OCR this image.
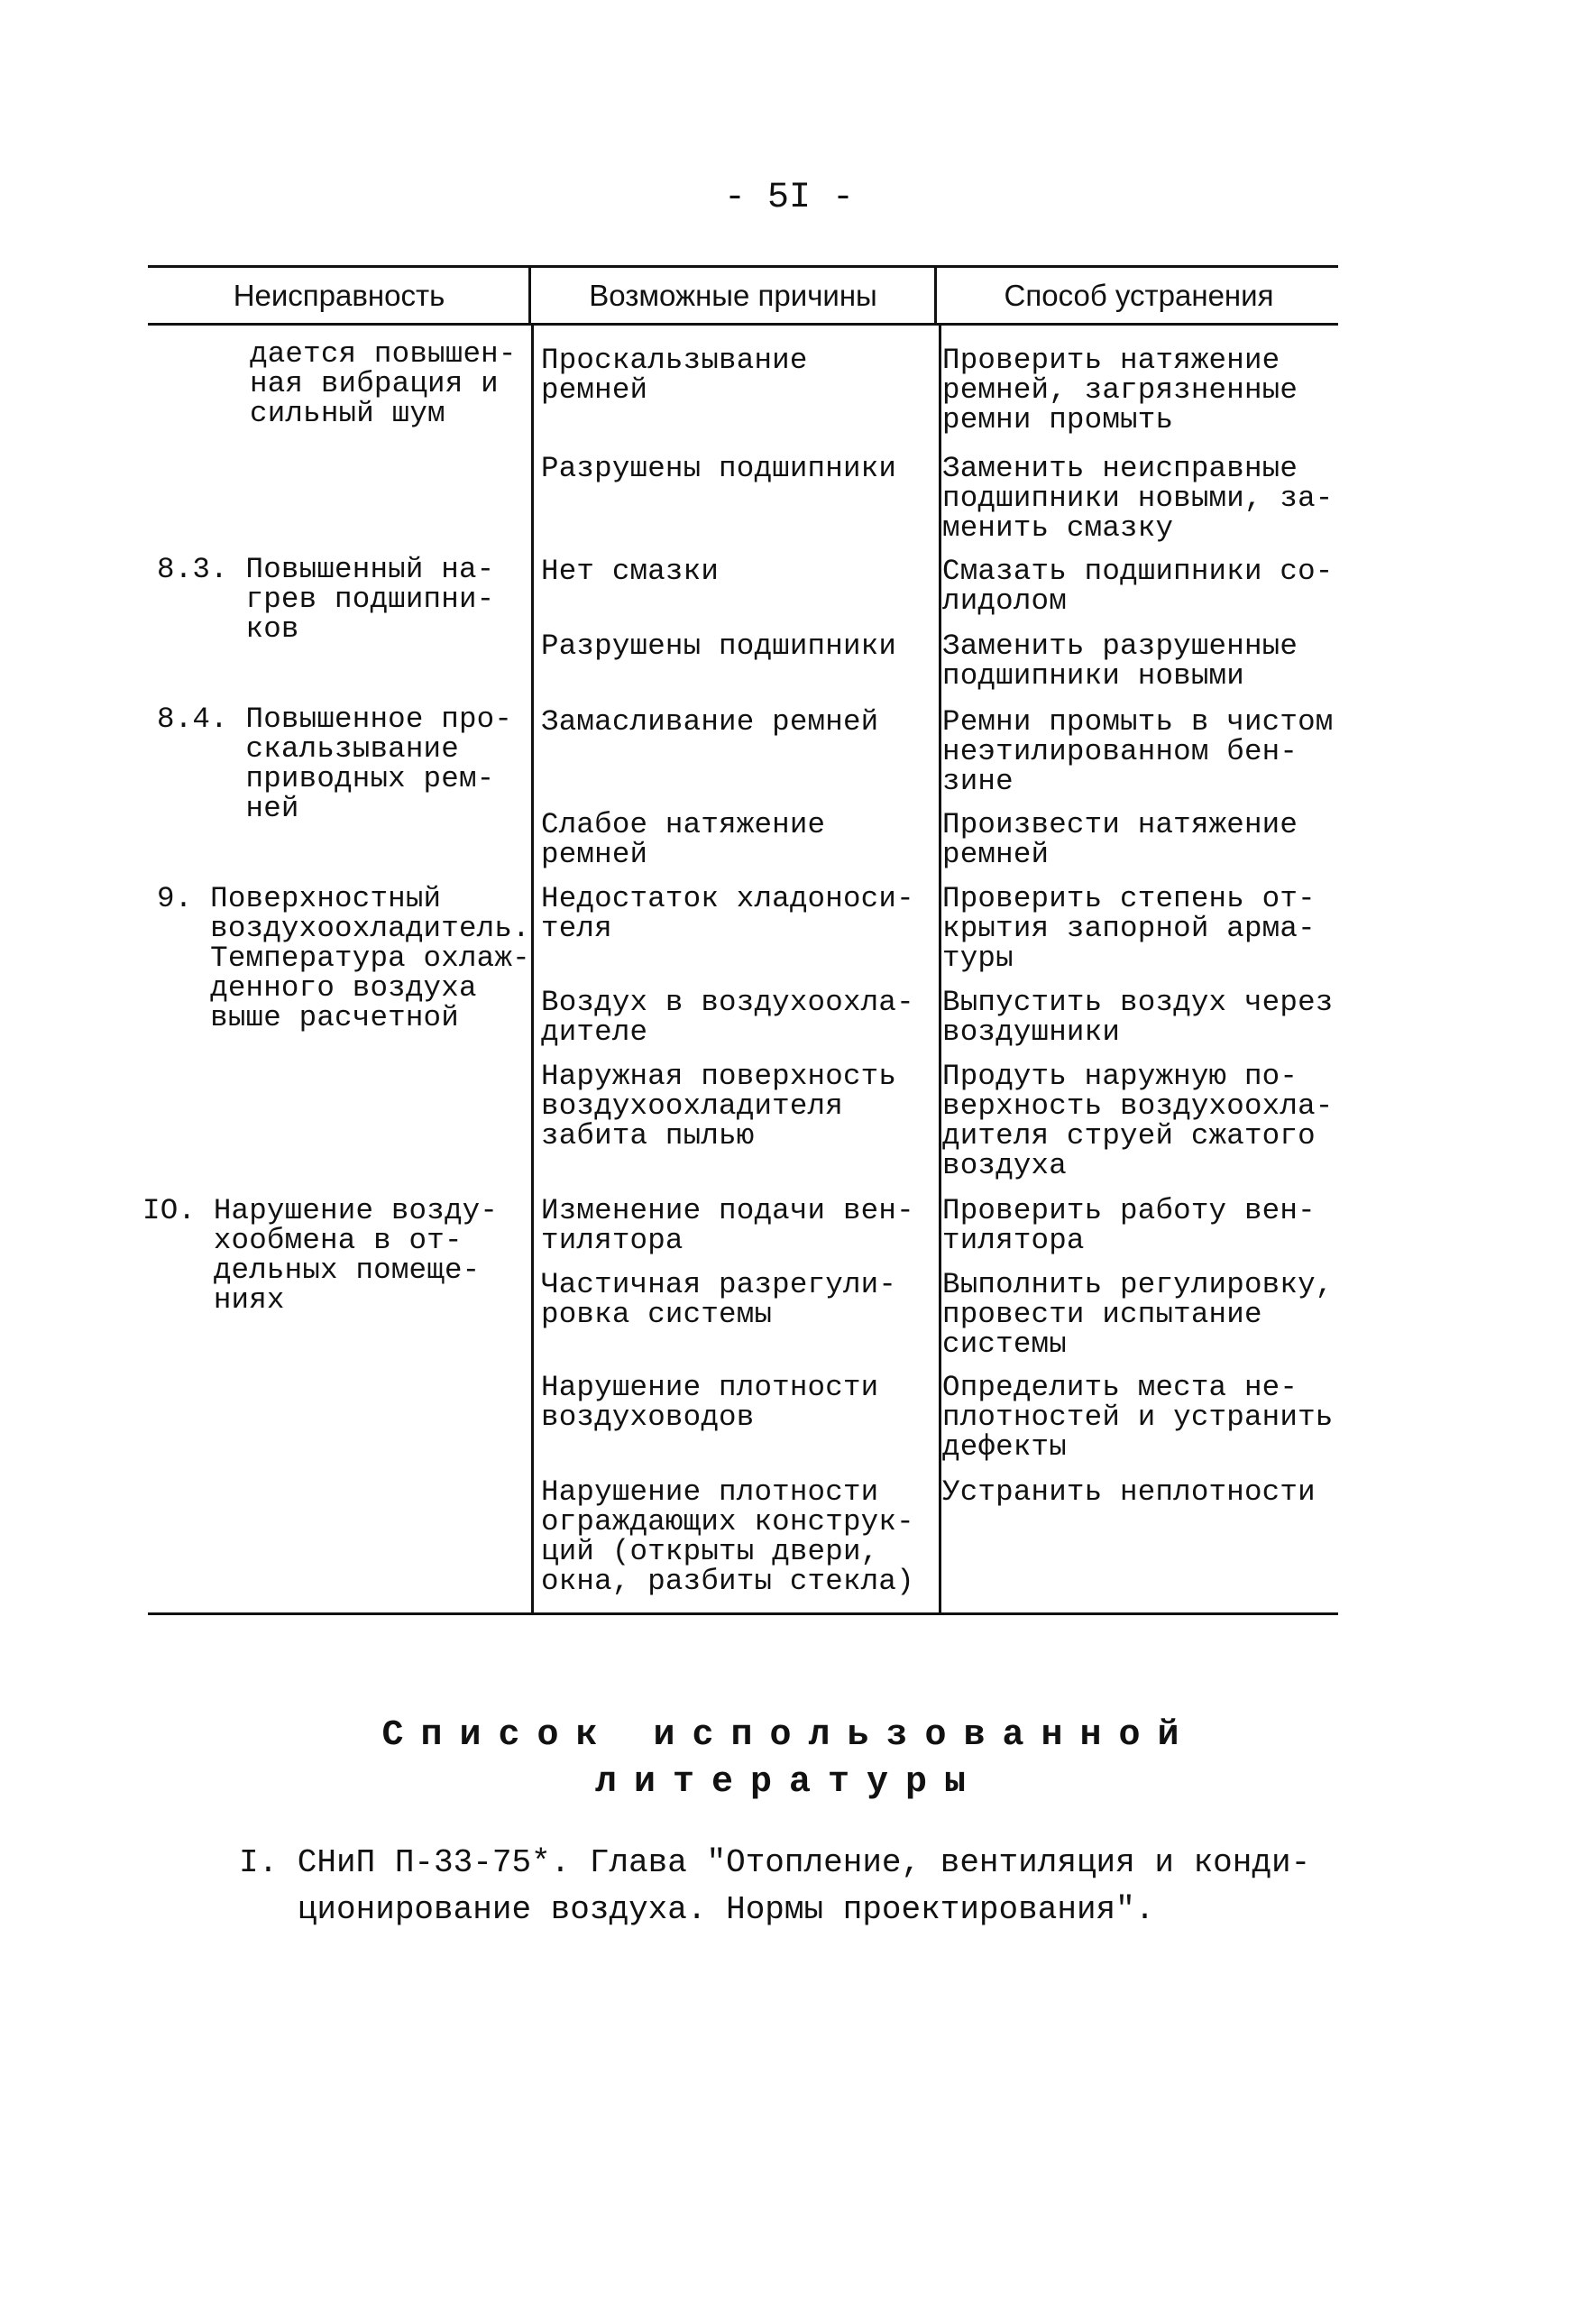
- 5I -
Неисправность	Возможные причины	Способ устранения
дается повышен-
ная вибрация и
сильный шум
8.3. Повышенный на-
грев подшипни-
ков
8.4. Повышенное про-
скальзывание
приводных рем-
ней
9. Поверхностный
воздухоохладитель.
Температура охлаж-
денного воздуха
выше расчетной
IO. Нарушение возду-
хообмена в от-
дельных помеще-
ниях
Проскальзывание
ремней
Разрушены подшипники
Нет смазки
Разрушены подшипники
Замасливание ремней
Слабое натяжение
ремней
Недостаток хладоноси-
теля
Воздух в воздухоохла-
дителе
Наружная поверхность
воздухоохладителя
забита пылью
Изменение подачи вен-
тилятора
Частичная разрегули-
ровка системы
Нарушение плотности
воздуховодов
Нарушение плотности
ограждающих конструк-
ций (открыты двери,
окна, разбиты стекла)
Проверить натяжение
ремней, загрязненные
ремни промыть
Заменить неисправные
подшипники новыми, за-
менить смазку
Смазать подшипники со-
лидолом
Заменить разрушенные
подшипники новыми
Ремни промыть в чистом
неэтилированном бен-
зине
Произвести натяжение
ремней
Проверить степень от-
крытия запорной арма-
туры
Выпустить воздух через
воздушники
Продуть наружную по-
верхность воздухоохла-
дителя струей сжатого
воздуха
Проверить работу вен-
тилятора
Выполнить регулировку,
провести испытание
системы
Определить места не-
плотностей и устранить
дефекты
Устранить неплотности
Список использованной
литературы
I. СНиП П-33-75*. Глава "Отопление, вентиляция и конди-
ционирование воздуха. Нормы проектирования".
